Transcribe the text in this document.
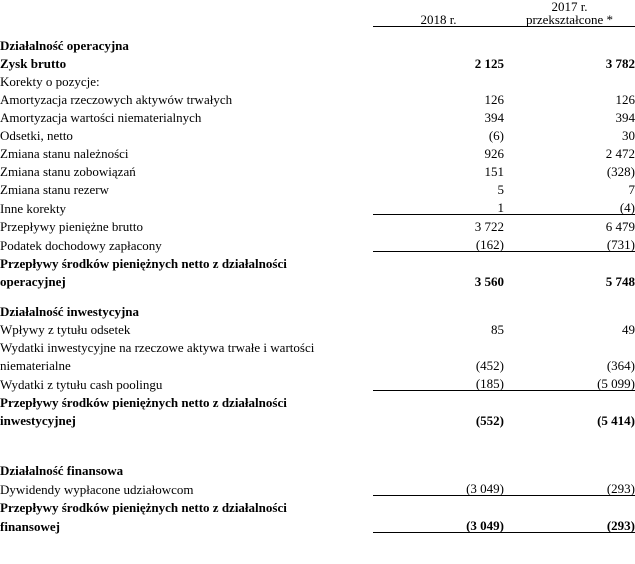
	2018 r.	2017 r.
przekształcone *

Działalność operacyjna		
Zysk brutto	2 125	3 782
Korekty o pozycje:		
Amortyzacja rzeczowych aktywów trwałych	126	126
Amortyzacja wartości niematerialnych	394	394
Odsetki, netto	(6)	30
Zmiana stanu należności	926	2 472
Zmiana stanu zobowiązań	151	(328)
Zmiana stanu rezerw	5	7
Inne korekty	1	(4)
Przepływy pieniężne brutto	3 722	6 479
Podatek dochodowy zapłacony	(162)	(731)
Przepływy środków pieniężnych netto z działalności		
operacyjnej	3 560	5 748

Działalność inwestycyjna		
Wpływy z tytułu odsetek	85	49
Wydatki inwestycyjne na rzeczowe aktywa trwałe i wartości		
niematerialne	(452)	(364)
Wydatki z tytułu cash poolingu	(185)	(5 099)
Przepływy środków pieniężnych netto z działalności		
inwestycyjnej	(552)	(5 414)

Działalność finansowa		
Dywidendy wypłacone udziałowcom	(3 049)	(293)
Przepływy środków pieniężnych netto z działalności		
finansowej	(3 049)	(293)
